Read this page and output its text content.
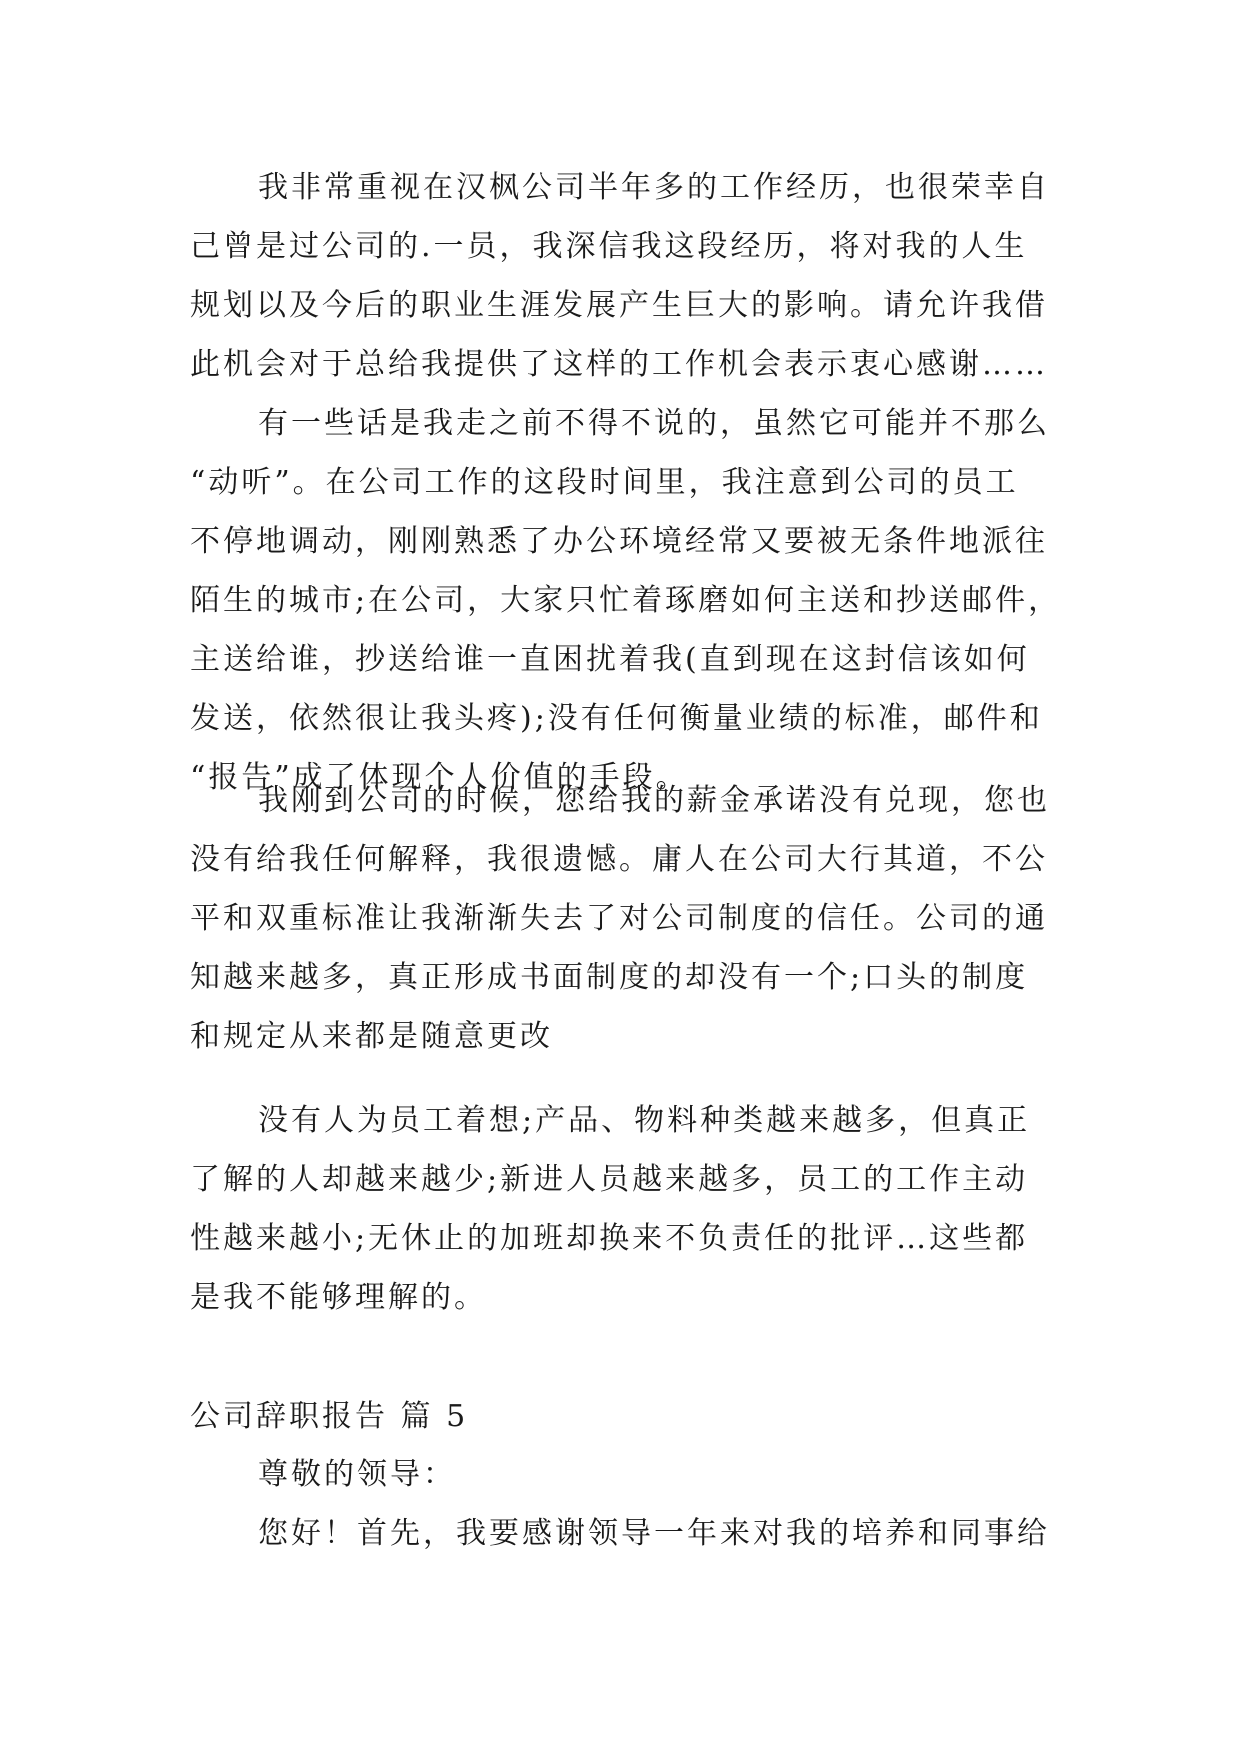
我非常重视在汉枫公司半年多的工作经历，也很荣幸自
己曾是过公司的.一员，我深信我这段经历，将对我的人生
规划以及今后的职业生涯发展产生巨大的影响。请允许我借
此机会对于总给我提供了这样的工作机会表示衷心感谢……
有一些话是我走之前不得不说的，虽然它可能并不那么
“动听”。在公司工作的这段时间里，我注意到公司的员工
不停地调动，刚刚熟悉了办公环境经常又要被无条件地派往
陌生的城市;在公司，大家只忙着琢磨如何主送和抄送邮件，
主送给谁，抄送给谁一直困扰着我(直到现在这封信该如何
发送，依然很让我头疼);没有任何衡量业绩的标准，邮件和
“报告”成了体现个人价值的手段。
我刚到公司的时候，您给我的薪金承诺没有兑现，您也
没有给我任何解释，我很遗憾。庸人在公司大行其道，不公
平和双重标准让我渐渐失去了对公司制度的信任。公司的通
知越来越多，真正形成书面制度的却没有一个;口头的制度
和规定从来都是随意更改
没有人为员工着想;产品、物料种类越来越多，但真正
了解的人却越来越少;新进人员越来越多，员工的工作主动
性越来越小;无休止的加班却换来不负责任的批评…这些都
是我不能够理解的。
公司辞职报告 篇 5
尊敬的领导：
您好！首先，我要感谢领导一年来对我的培养和同事给
